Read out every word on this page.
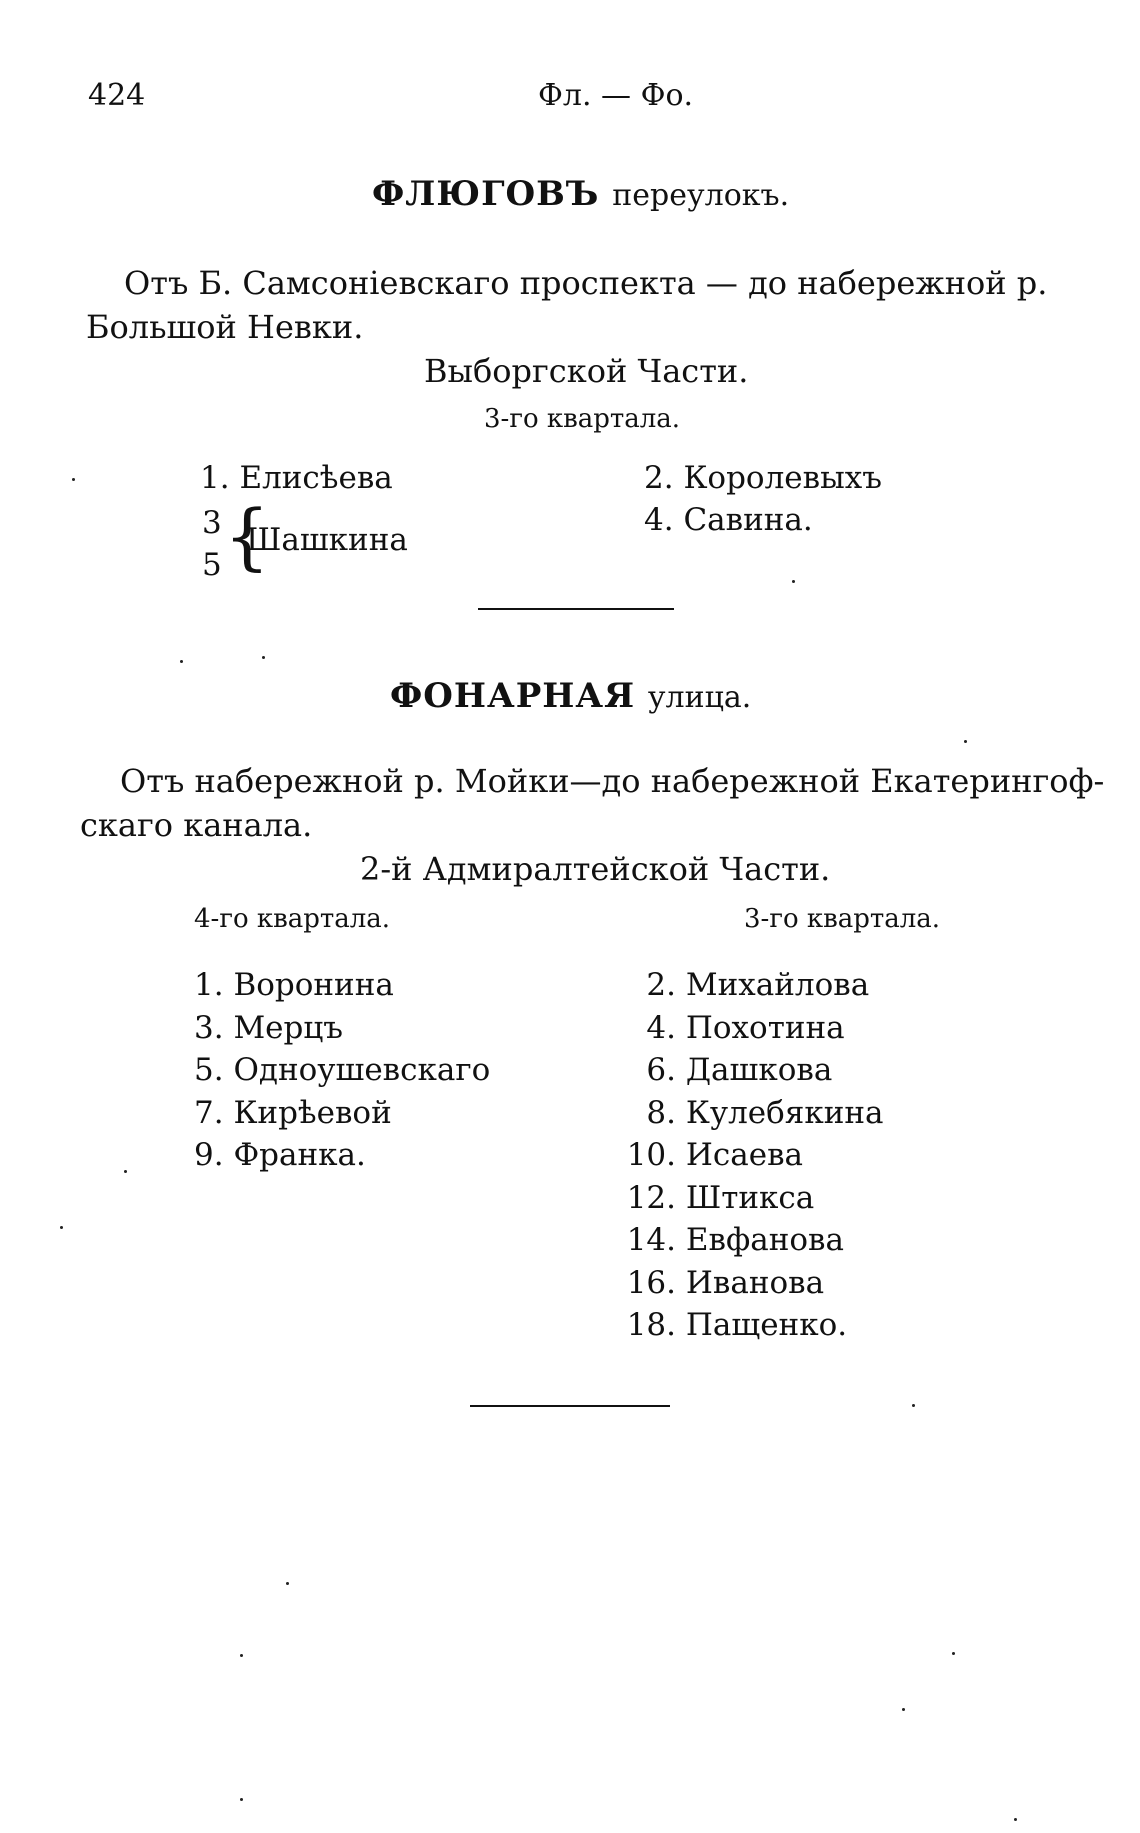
424	Фл. — Фо.
ФЛЮГОВЪ переулокъ.
Отъ Б. Самсоніевскаго проспекта — до набережной р.
Большой Невки.
Выборгской Части.
3-го квартала.
1. Елисѣева
3
5 {
Шашкина
2. Королевыхъ
4. Савина.
ФОНАРНАЯ улица.
Отъ набережной р. Мойки—до набережной Екатерингоф-
скаго канала.
2-й Адмиралтейской Части.
4-го квартала.	3-го квартала.
1. Воронина
3. Мерцъ
5. Одноушевскаго
7. Кирѣевой
9. Франка.
2. Михайлова
4. Похотина
6. Дашкова
8. Кулебякина
10. Исаева
12. Штикса
14. Евфанова
16. Иванова
18. Пащенко.
